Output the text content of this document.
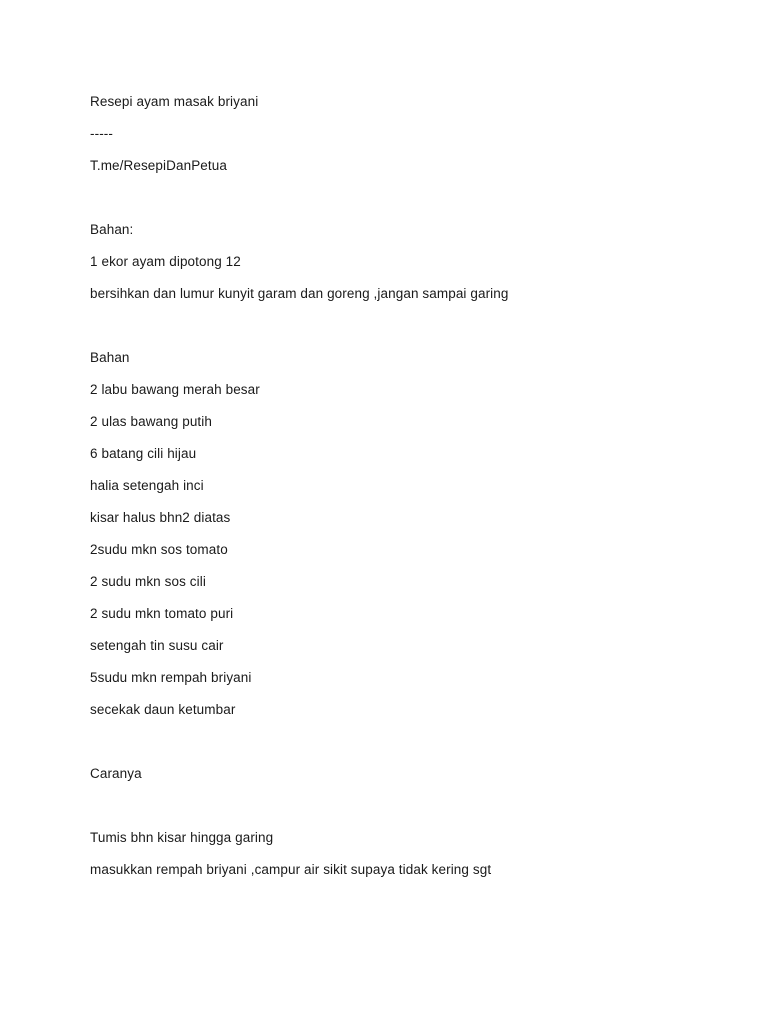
Resepi ayam masak briyani
-----
T.me/ResepiDanPetua
Bahan:
1 ekor ayam dipotong 12
bersihkan dan lumur kunyit garam dan goreng ,jangan sampai garing
Bahan
2 labu bawang merah besar
2 ulas bawang putih
6 batang cili hijau
halia setengah inci
kisar halus bhn2 diatas
2sudu mkn sos tomato
2 sudu mkn sos cili
2 sudu mkn tomato puri
setengah tin susu cair
5sudu mkn rempah briyani
secekak daun ketumbar
Caranya
Tumis bhn kisar hingga garing
masukkan rempah briyani ,campur air sikit supaya tidak kering sgt
